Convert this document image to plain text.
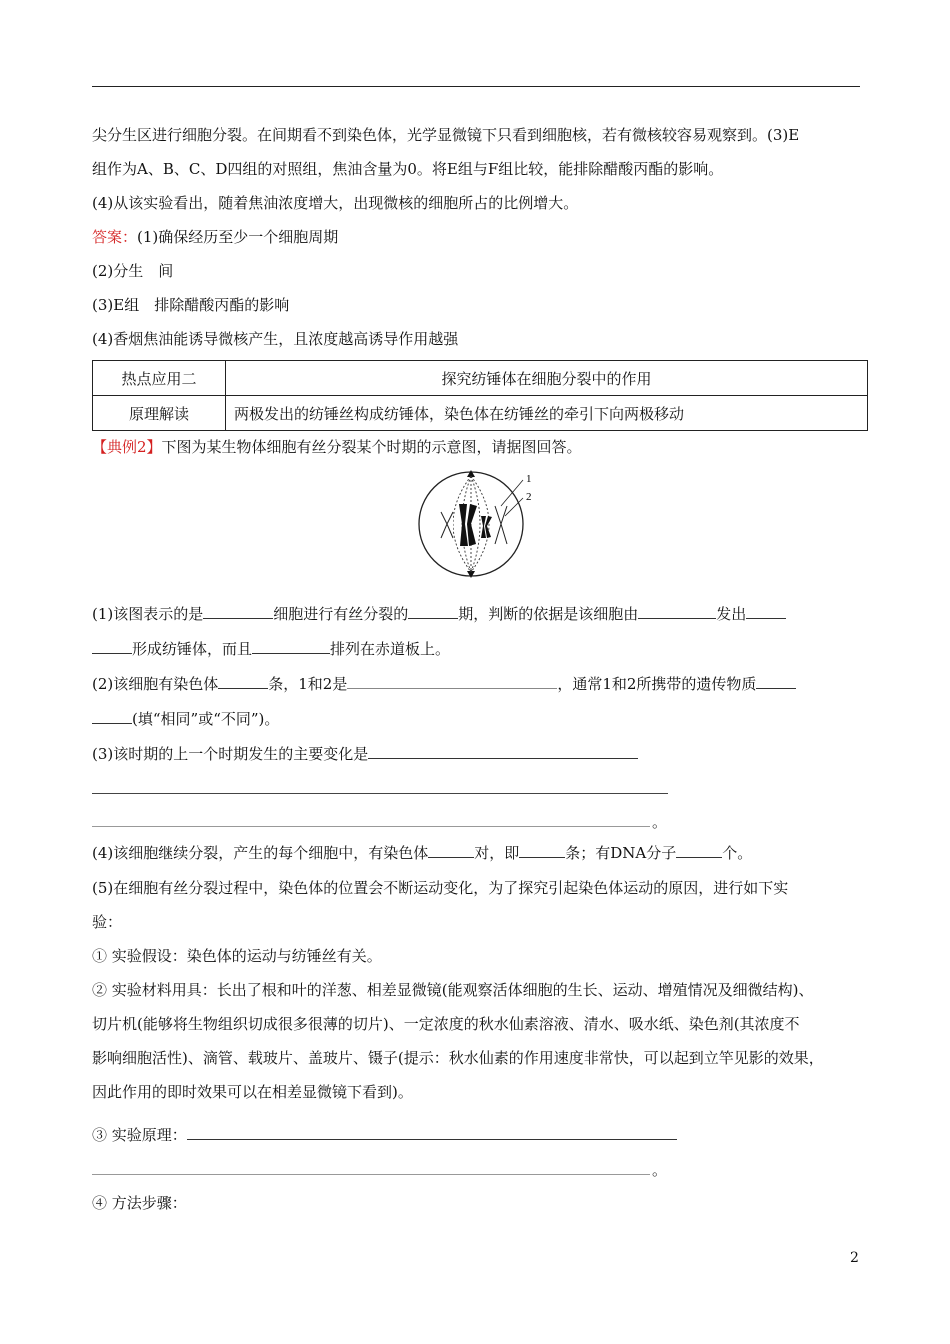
尖分生区进行细胞分裂。在间期看不到染色体，光学显微镜下只看到细胞核，若有微核较容易观察到。(3)E
组作为A、B、C、D四组的对照组，焦油含量为0。将E组与F组比较，能排除醋酸丙酯的影响。
(4)从该实验看出，随着焦油浓度增大，出现微核的细胞所占的比例增大。
答案：(1)确保经历至少一个细胞周期
(2)分生　间
(3)E组　排除醋酸丙酯的影响
(4)香烟焦油能诱导微核产生，且浓度越高诱导作用越强
热点应用二	探究纺锤体在细胞分裂中的作用
原理解读	两极发出的纺锤丝构成纺锤体，染色体在纺锤丝的牵引下向两极移动
【典例2】下图为某生物体细胞有丝分裂某个时期的示意图，请据图回答。
1
2
(1)该图表示的是	细胞进行有丝分裂的	期，判断的依据是该细胞由	发出
形成纺锤体，而且	排列在赤道板上。
(2)该细胞有染色体	条，1和2是	，通常1和2所携带的遗传物质
(填“相同”或“不同”)。
(3)该时期的上一个时期发生的主要变化是
。
(4)该细胞继续分裂，产生的每个细胞中，有染色体	对，即	条；有DNA分子	个。
(5)在细胞有丝分裂过程中，染色体的位置会不断运动变化，为了探究引起染色体运动的原因，进行如下实
验：
① 实验假设：染色体的运动与纺锤丝有关。
② 实验材料用具：长出了根和叶的洋葱、相差显微镜(能观察活体细胞的生长、运动、增殖情况及细微结构)、
切片机(能够将生物组织切成很多很薄的切片)、一定浓度的秋水仙素溶液、清水、吸水纸、染色剂(其浓度不
影响细胞活性)、滴管、载玻片、盖玻片、镊子(提示：秋水仙素的作用速度非常快，可以起到立竿见影的效果，
因此作用的即时效果可以在相差显微镜下看到)。
③ 实验原理：
。
④ 方法步骤：
2
